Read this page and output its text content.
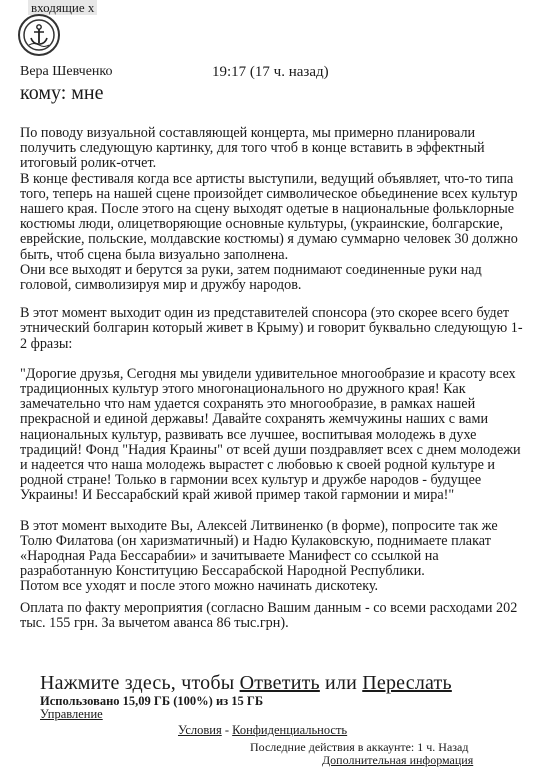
входящие x
Вера Шевченко	19:17 (17 ч. назад)
кому: мне

По поводу визуальной составляющей концерта, мы примерно планировали получить следующую картинку, для того чтоб в конце вставить в эффектный итоговый ролик-отчет.

В конце фестиваля когда все артисты выступили, ведущий объявляет, что-то типа того, теперь на нашей сцене произойдет символическое обьединение всех культур нашего края. После этого на сцену выходят одетые в национальные фольклорные костюмы люди, олицетворяющие основные культуры, (украинские, болгарские, еврейские, польские, молдавские костюмы) я думаю суммарно человек 30 должно быть, чтоб сцена была визуально заполнена.

Они все выходят и берутся за руки, затем поднимают соединенные руки над головой, символизируя мир и дружбу народов.

В этот момент выходит один из представителей спонсора (это скорее всего будет этнический болгарин который живет в Крыму) и говорит буквально следующую 1-2 фразы:

"Дорогие друзья, Сегодня мы увидели удивительное многообразие и красоту всех традиционных культур этого многонационального но дружного края! Как замечательно что нам удается сохранять это многообразие, в рамках нашей прекрасной и единой державы! Давайте сохранять жемчужины наших с вами национальных культур, развивать все лучшее, воспитывая молодежь в духе традиций! Фонд "Надия Краины" от всей души поздравляет всех с днем молодежи и надеется что наша молодежь вырастет с любовью к своей родной культуре и родной стране! Только в гармонии всех культур и дружбе народов - будущее Украины! И Бессарабский край живой пример такой гармонии и мира!"

В этот момент выходите Вы, Алексей Литвиненко (в форме), попросите так же Толю Филатова (он харизматичный) и Надю Кулаковскую, поднимаете плакат «Народная Рада Бессарабии» и зачитываете Манифест со ссылкой на разработанную Конституцию Бессарабской Народной Республики.

Потом все уходят и после этого можно начинать дискотеку.

Оплата по факту мероприятия (согласно Вашим данным - со всеми расходами 202 тыс. 155 грн. За вычетом аванса 86 тыс.грн).

Нажмите здесь, чтобы Ответить или Переслать
Использовано 15,09 ГБ (100%) из 15 ГБ
Управление
Условия - Конфиденциальность
Последние действия в аккаунте: 1 ч. Назад
Дополнительная информация
